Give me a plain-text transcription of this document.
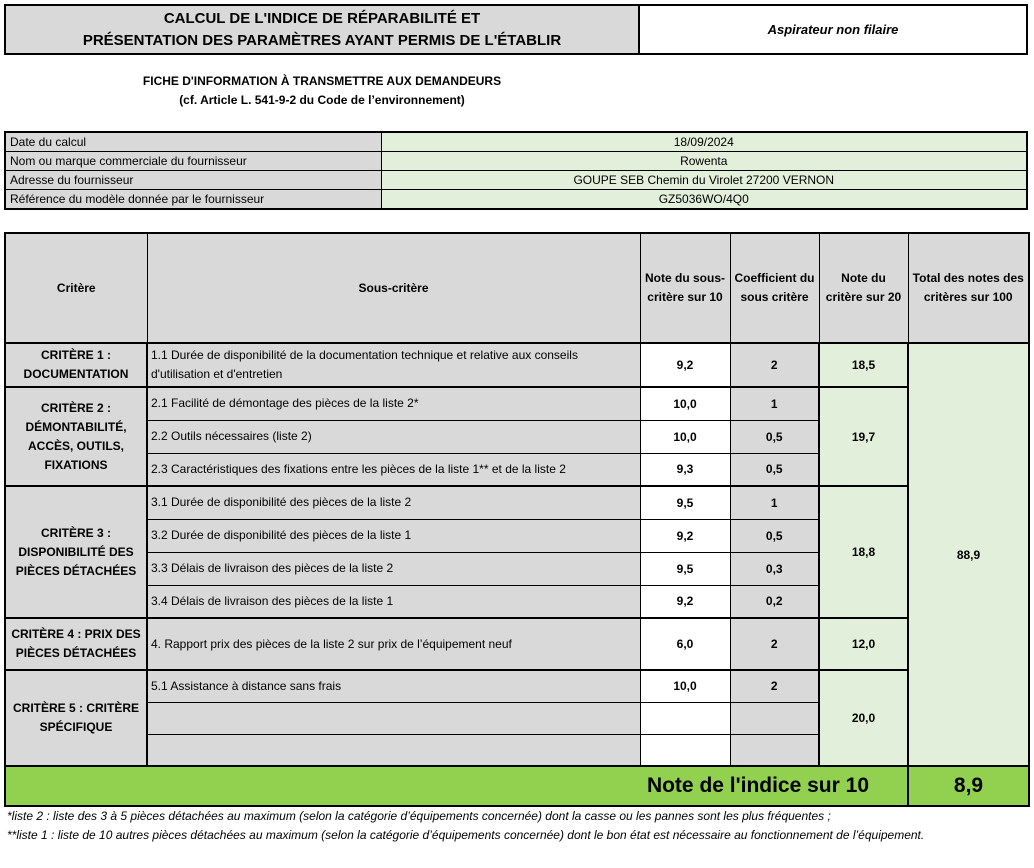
CALCUL DE L'INDICE DE RÉPARABILITÉ ET
PRÉSENTATION DES PARAMÈTRES AYANT PERMIS DE L'ÉTABLIR
Aspirateur non filaire
FICHE D'INFORMATION À TRANSMETTRE AUX DEMANDEURS
(cf. Article L. 541-9-2 du Code de l’environnement)
Date du calcul	18/09/2024
Nom ou marque commerciale du fournisseur	Rowenta
Adresse du fournisseur	GOUPE SEB Chemin du Virolet 27200 VERNON
Référence du modèle donnée par le fournisseur	GZ5036WO/4Q0
Critère	Sous-critère	Note du sous-critère sur 10	Coefficient du sous critère	Note du critère sur 20	Total des notes des critères sur 100
CRITÈRE 1 : DOCUMENTATION	1.1 Durée de disponibilité de la documentation technique et relative aux conseils d'utilisation et d'entretien	9,2	2	18,5	88,9
CRITÈRE 2 : DÉMONTABILITÉ, ACCÈS, OUTILS, FIXATIONS	2.1 Facilité de démontage des pièces de la liste 2*	10,0	1	19,7	
	2.2 Outils nécessaires (liste 2)	10,0	0,5		
	2.3 Caractéristiques des fixations entre les pièces de la liste 1** et de la liste 2	9,3	0,5		
CRITÈRE 3 : DISPONIBILITÉ DES PIÈCES DÉTACHÉES	3.1 Durée de disponibilité des pièces de la liste 2	9,5	1	18,8	
	3.2 Durée de disponibilité des pièces de la liste 1	9,2	0,5		
	3.3 Délais de livraison des pièces de la liste 2	9,5	0,3		
	3.4 Délais de livraison des pièces de la liste 1	9,2	0,2		
CRITÈRE 4 : PRIX DES PIÈCES DÉTACHÉES	4. Rapport prix des pièces de la liste 2 sur prix de l’équipement neuf	6,0	2	12,0	
CRITÈRE 5 : CRITÈRE SPÉCIFIQUE	5.1 Assistance à distance sans frais	10,0	2	20,0	

Note de l'indice sur 10					8,9
*liste 2 : liste des 3 à 5 pièces détachées au maximum (selon la catégorie d’équipements concernée) dont la casse ou les pannes sont les plus fréquentes ;
**liste 1 : liste de 10 autres pièces détachées au maximum (selon la catégorie d’équipements concernée) dont le bon état est nécessaire au fonctionnement de l’équipement.
